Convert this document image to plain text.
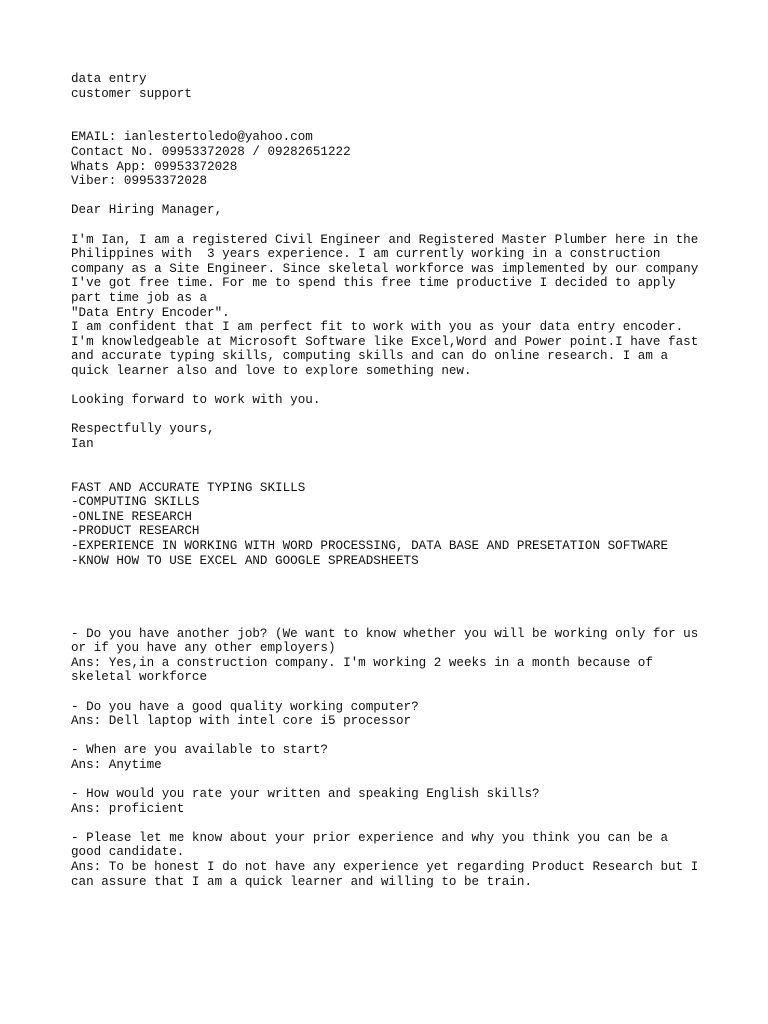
data entry
customer support
EMAIL: ianlestertoledo@yahoo.com
Contact No. 09953372028 / 09282651222
Whats App: 09953372028
Viber: 09953372028
Dear Hiring Manager,
I'm Ian, I am a registered Civil Engineer and Registered Master Plumber here in the
Philippines with  3 years experience. I am currently working in a construction
company as a Site Engineer. Since skeletal workforce was implemented by our company
I've got free time. For me to spend this free time productive I decided to apply
part time job as a
"Data Entry Encoder".
I am confident that I am perfect fit to work with you as your data entry encoder.
I'm knowledgeable at Microsoft Software like Excel,Word and Power point.I have fast
and accurate typing skills, computing skills and can do online research. I am a
quick learner also and love to explore something new.
Looking forward to work with you.
Respectfully yours,
Ian
FAST AND ACCURATE TYPING SKILLS
-COMPUTING SKILLS
-ONLINE RESEARCH
-PRODUCT RESEARCH
-EXPERIENCE IN WORKING WITH WORD PROCESSING, DATA BASE AND PRESETATION SOFTWARE
-KNOW HOW TO USE EXCEL AND GOOGLE SPREADSHEETS
- Do you have another job? (We want to know whether you will be working only for us
or if you have any other employers)
Ans: Yes,in a construction company. I'm working 2 weeks in a month because of
skeletal workforce
- Do you have a good quality working computer?
Ans: Dell laptop with intel core i5 processor
- When are you available to start?
Ans: Anytime
- How would you rate your written and speaking English skills?
Ans: proficient
- Please let me know about your prior experience and why you think you can be a
good candidate.
Ans: To be honest I do not have any experience yet regarding Product Research but I
can assure that I am a quick learner and willing to be train.
